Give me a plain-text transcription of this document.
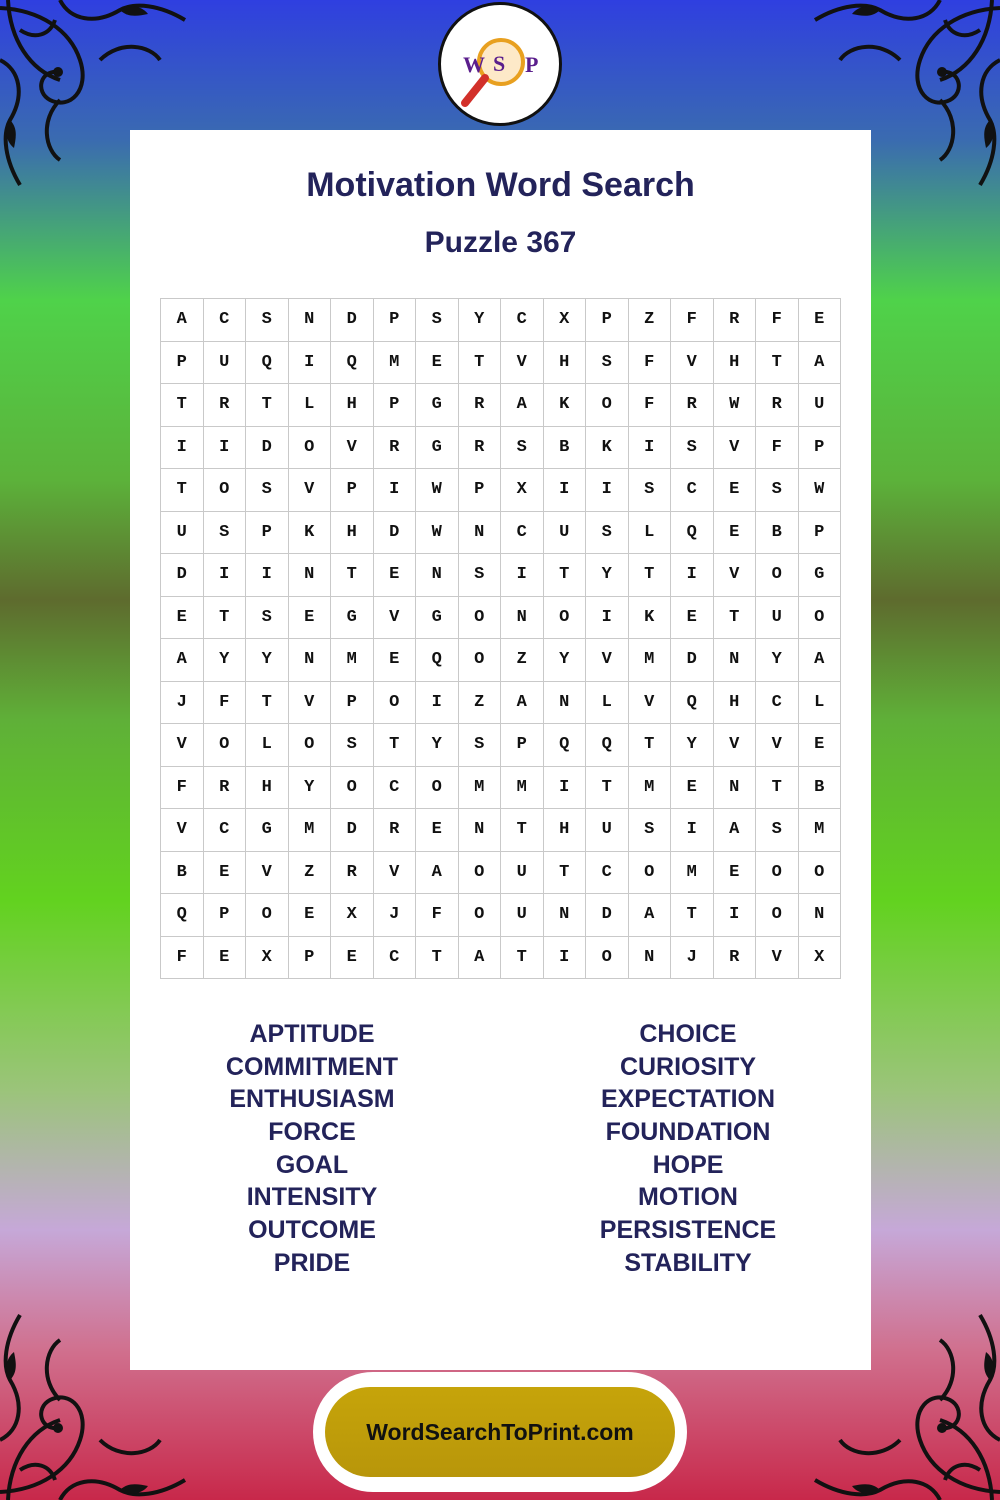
W S P
Motivation Word Search
Puzzle 367
A	C	S	N	D	P	S	Y	C	X	P	Z	F	R	F	E
P	U	Q	I	Q	M	E	T	V	H	S	F	V	H	T	A
T	R	T	L	H	P	G	R	A	K	O	F	R	W	R	U
I	I	D	O	V	R	G	R	S	B	K	I	S	V	F	P
T	O	S	V	P	I	W	P	X	I	I	S	C	E	S	W
U	S	P	K	H	D	W	N	C	U	S	L	Q	E	B	P
D	I	I	N	T	E	N	S	I	T	Y	T	I	V	O	G
E	T	S	E	G	V	G	O	N	O	I	K	E	T	U	O
A	Y	Y	N	M	E	Q	O	Z	Y	V	M	D	N	Y	A
J	F	T	V	P	O	I	Z	A	N	L	V	Q	H	C	L
V	O	L	O	S	T	Y	S	P	Q	Q	T	Y	V	V	E
F	R	H	Y	O	C	O	M	M	I	T	M	E	N	T	B
V	C	G	M	D	R	E	N	T	H	U	S	I	A	S	M
B	E	V	Z	R	V	A	O	U	T	C	O	M	E	O	O
Q	P	O	E	X	J	F	O	U	N	D	A	T	I	O	N
F	E	X	P	E	C	T	A	T	I	O	N	J	R	V	X
APTITUDE
COMMITMENT
ENTHUSIASM
FORCE
GOAL
INTENSITY
OUTCOME
PRIDE
CHOICE
CURIOSITY
EXPECTATION
FOUNDATION
HOPE
MOTION
PERSISTENCE
STABILITY
WordSearchToPrint.com
